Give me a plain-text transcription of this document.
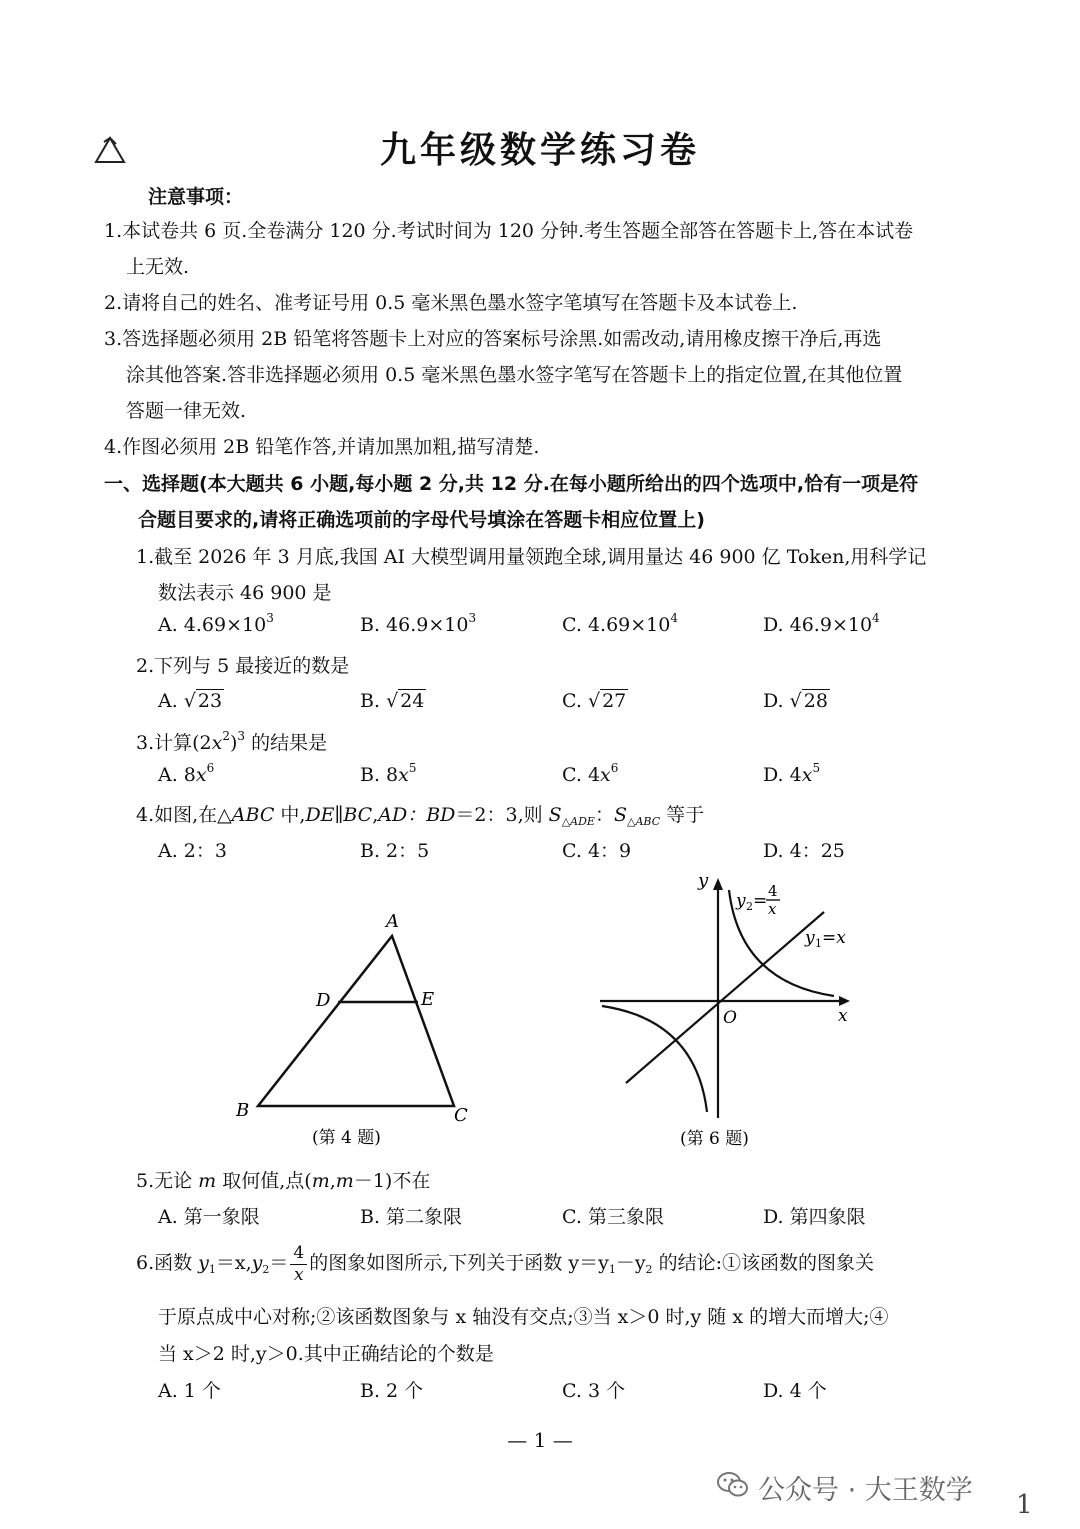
九年级数学练习卷
注意事项：
1.本试卷共 6 页.全卷满分 120 分.考试时间为 120 分钟.考生答题全部答在答题卡上,答在本试卷
上无效.
2.请将自己的姓名、准考证号用 0.5 毫米黑色墨水签字笔填写在答题卡及本试卷上.
3.答选择题必须用 2B 铅笔将答题卡上对应的答案标号涂黑.如需改动,请用橡皮擦干净后,再选
涂其他答案.答非选择题必须用 0.5 毫米黑色墨水签字笔写在答题卡上的指定位置,在其他位置
答题一律无效.
4.作图必须用 2B 铅笔作答,并请加黑加粗,描写清楚.
一、选择题(本大题共 6 小题,每小题 2 分,共 12 分.在每小题所给出的四个选项中,恰有一项是符
合题目要求的,请将正确选项前的字母代号填涂在答题卡相应位置上)
1.截至 2026 年 3 月底,我国 AI 大模型调用量领跑全球,调用量达 46 900 亿 Token,用科学记
数法表示 46 900 是
A. $4.69\times 10^3$	B. $46.9\times 10^3$	C. $4.69\times 10^4$	D. $46.9\times 10^4$
2.下列与 5 最接近的数是
A. √ 23	B. √ 24	C. √ 27	D. √ 28
3.计算$(2x^2)^3$ 的结果是
A. $8x^6$	B. $8x^5$	C. $4x^6$	D. $4x^5$
4.如图,在△ABC 中,DE∥BC,AD：BD＝2：3,则 $S_{\triangle ADE}$：$S_{\triangle ABC}$ 等于
A. 2：3	B. 2：5	C. 4：9	D. 4：25
A
D	E
B	C
(第 4 题)
y
x
O
y 2 = 4
x
y 1 =x
(第 6 题)
5.无论 m 取何值,点(m,m－1)不在
A. 第一象限	B. 第二象限	C. 第三象限	D. 第四象限
6.函数 $y_1=x,y_2= \frac{4}{x}$ 的图象如图所示,下列关于函数 $y=y_1-y_2$ 的结论:①该函数的图象关
于原点成中心对称;②该函数图象与 x 轴没有交点;③当 x＞0 时,y 随 x 的增大而增大;④
当 x＞2 时,y＞0.其中正确结论的个数是
A. 1 个	B. 2 个	C. 3 个	D. 4 个
— 1 —
公众号 · 大王数学 1
